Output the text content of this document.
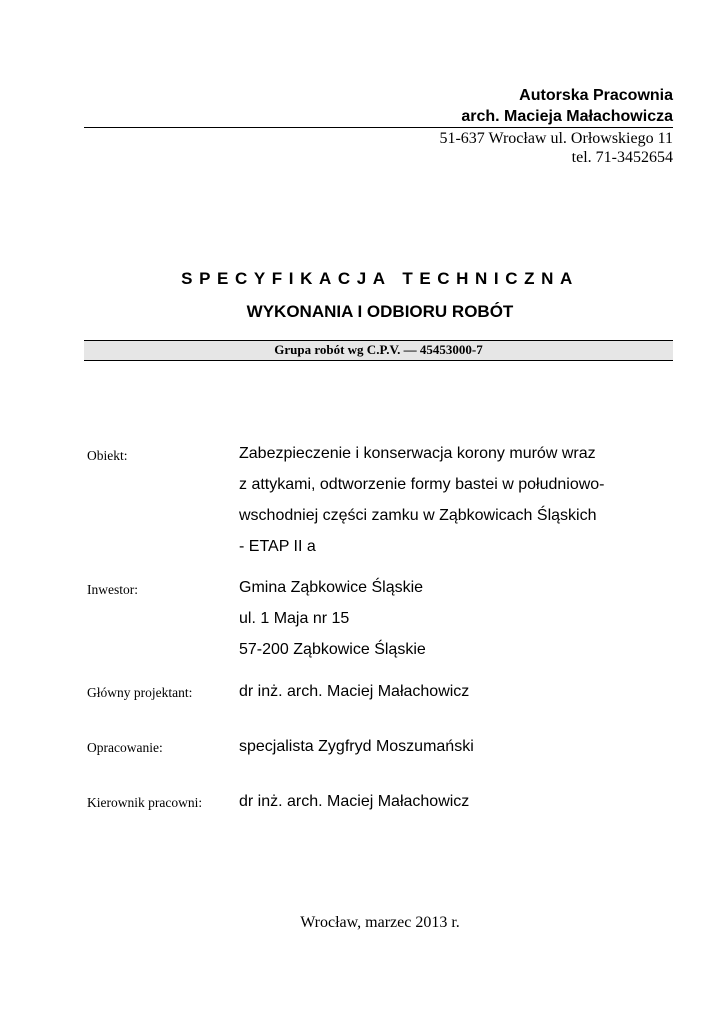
Autorska Pracownia
arch. Macieja Małachowicza
51-637 Wrocław ul. Orłowskiego 11
tel. 71-3452654
SPECYFIKACJA TECHNICZNA
WYKONANIA I ODBIORU ROBÓT
Grupa robót wg C.P.V. — 45453000-7
Obiekt:	Zabezpieczenie i konserwacja korony murów wraz
z attykami, odtworzenie formy bastei w południowo-
wschodniej części zamku w Ząbkowicach Śląskich
- ETAP II a
Inwestor:	Gmina Ząbkowice Śląskie
ul. 1 Maja nr 15
57-200 Ząbkowice Śląskie
Główny projektant:	dr inż. arch. Maciej Małachowicz
Opracowanie:	specjalista Zygfryd Moszumański
Kierownik pracowni: dr inż. arch. Maciej Małachowicz
Wrocław, marzec 2013 r.
